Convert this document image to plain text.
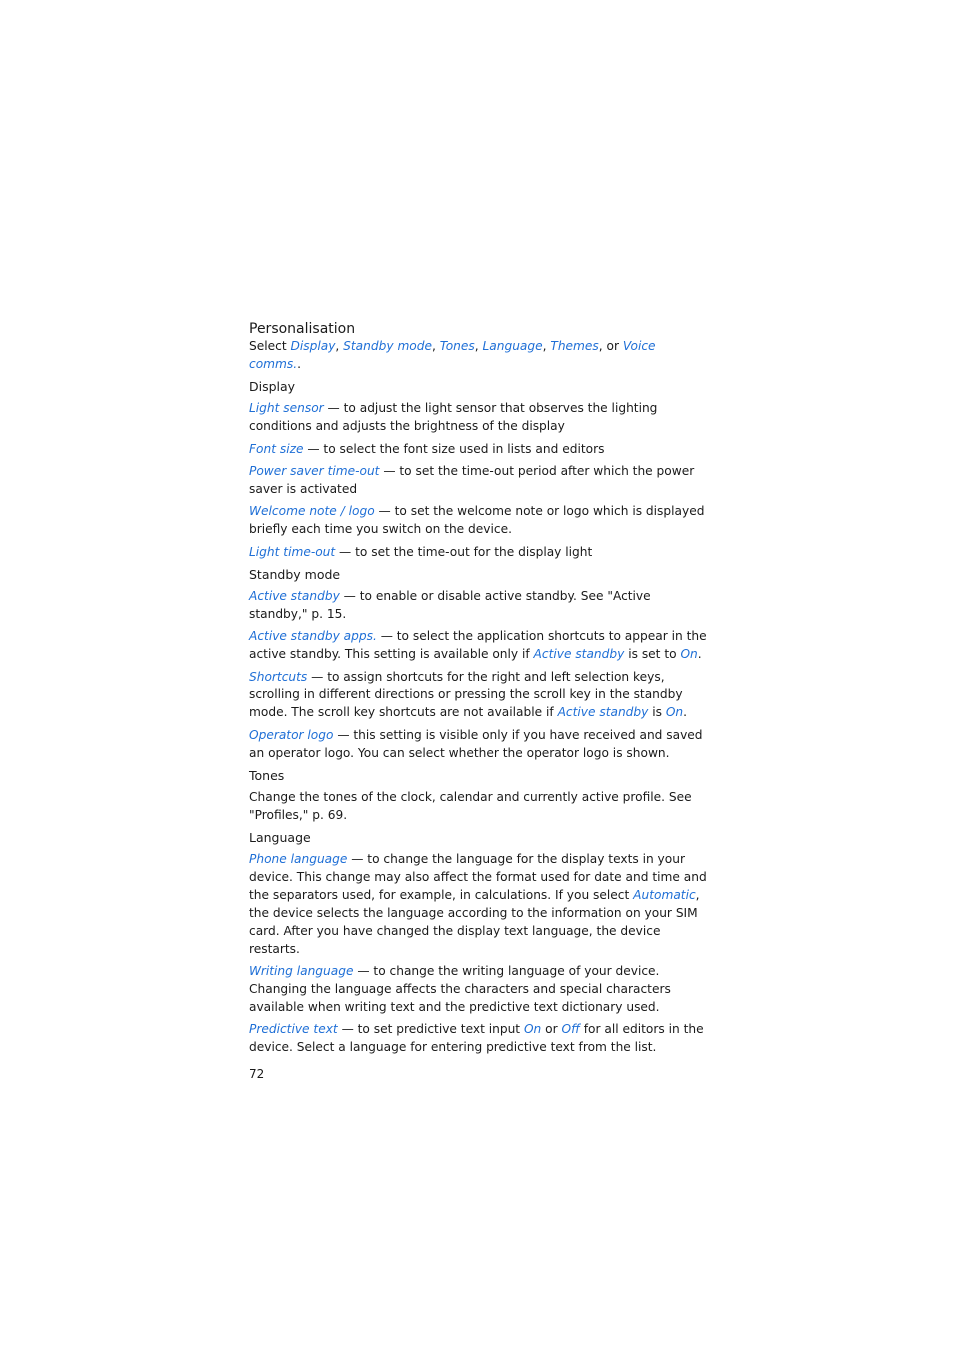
Personalisation

Select Display, Standby mode, Tones, Language, Themes, or Voice comms..

Display

Light sensor — to adjust the light sensor that observes the lighting conditions and adjusts the brightness of the display

Font size — to select the font size used in lists and editors

Power saver time-out — to set the time-out period after which the power saver is activated

Welcome note / logo — to set the welcome note or logo which is displayed briefly each time you switch on the device.

Light time-out — to set the time-out for the display light

Standby mode

Active standby — to enable or disable active standby. See "Active standby," p. 15.

Active standby apps. — to select the application shortcuts to appear in the active standby. This setting is available only if Active standby is set to On.

Shortcuts — to assign shortcuts for the right and left selection keys, scrolling in different directions or pressing the scroll key in the standby mode. The scroll key shortcuts are not available if Active standby is On.

Operator logo — this setting is visible only if you have received and saved an operator logo. You can select whether the operator logo is shown.

Tones

Change the tones of the clock, calendar and currently active profile. See "Profiles," p. 69.

Language

Phone language — to change the language for the display texts in your device. This change may also affect the format used for date and time and the separators used, for example, in calculations. If you select Automatic, the device selects the language according to the information on your SIM card. After you have changed the display text language, the device restarts.

Writing language — to change the writing language of your device. Changing the language affects the characters and special characters available when writing text and the predictive text dictionary used.

Predictive text — to set predictive text input On or Off for all editors in the device. Select a language for entering predictive text from the list.

72
